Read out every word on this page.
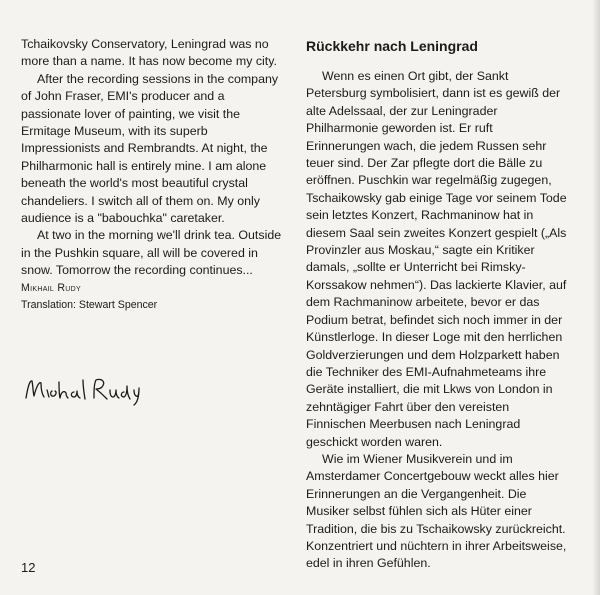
Tchaikovsky Conservatory, Leningrad was no more than a name. It has now become my city.

After the recording sessions in the company of John Fraser, EMI's producer and a passionate lover of painting, we visit the Ermitage Museum, with its superb Impressionists and Rembrandts. At night, the Philharmonic hall is entirely mine. I am alone beneath the world's most beautiful crystal chandeliers. I switch all of them on. My only audience is a "babouchka" caretaker.

At two in the morning we'll drink tea. Outside in the Pushkin square, all will be covered in snow. Tomorrow the recording continues...

Mikhail Rudy

Translation: Stewart Spencer

Rückkehr nach Leningrad

Wenn es einen Ort gibt, der Sankt Petersburg symbolisiert, dann ist es gewiß der alte Adelssaal, der zur Leningrader Philharmonie geworden ist. Er ruft Erinnerungen wach, die jedem Russen sehr teuer sind. Der Zar pflegte dort die Bälle zu eröffnen. Puschkin war regelmäßig zugegen, Tschaikowsky gab einige Tage vor seinem Tode sein letztes Konzert, Rachmaninow hat in diesem Saal sein zweites Konzert gespielt („Als Provinzler aus Moskau,“ sagte ein Kritiker damals, „sollte er Unterricht bei Rimsky-Korssakow nehmen“). Das lackierte Klavier, auf dem Rachmaninow arbeitete, bevor er das Podium betrat, befindet sich noch immer in der Künstlerloge. In dieser Loge mit den herrlichen Goldverzierungen und dem Holzparkett haben die Techniker des EMI-Aufnahmeteams ihre Geräte installiert, die mit Lkws von London in zehntägiger Fahrt über den vereisten Finnischen Meerbusen nach Leningrad geschickt worden waren.

Wie im Wiener Musikverein und im Amsterdamer Concertgebouw weckt alles hier Erinnerungen an die Vergangenheit. Die Musiker selbst fühlen sich als Hüter einer Tradition, die bis zu Tschaikowsky zurückreicht. Konzentriert und nüchtern in ihrer Arbeitsweise, edel in ihren Gefühlen.

12
